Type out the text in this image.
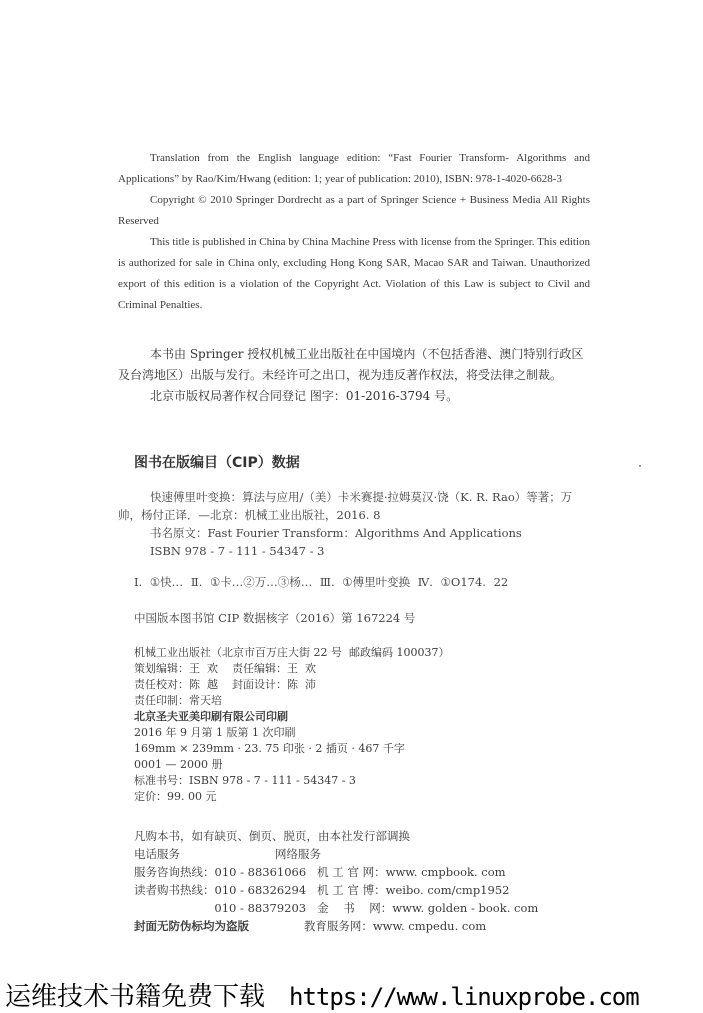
Translation from the English language edition: “Fast Fourier Transform- Algorithms and Applications” by Rao/Kim/Hwang (edition: 1; year of publication: 2010), ISBN: 978-1-4020-6628-3

Copyright © 2010 Springer Dordrecht as a part of Springer Science + Business Media All Rights Reserved

This title is published in China by China Machine Press with license from the Springer. This edition is authorized for sale in China only, excluding Hong Kong SAR, Macao SAR and Taiwan. Unauthorized export of this edition is a violation of the Copyright Act. Violation of this Law is subject to Civil and Criminal Penalties.

本书由 Springer 授权机械工业出版社在中国境内（不包括香港、澳门特别行政区及台湾地区）出版与发行。未经许可之出口，视为违反著作权法，将受法律之制裁。

北京市版权局著作权合同登记 图字：01-2016-3794 号。

图书在版编目（CIP）数据

快速傅里叶变换：算法与应用/（美）卡米赛提·拉姆莫汉·饶（K. R. Rao）等著；万帅，杨付正译．—北京：机械工业出版社，2016. 8

书名原文：Fast Fourier Transform：Algorithms And Applications

ISBN 978 - 7 - 111 - 54347 - 3

Ⅰ. ①快… Ⅱ. ①卡…②万…③杨… Ⅲ. ①傅里叶变换 Ⅳ. ①O174. 22
中国版本图书馆 CIP 数据核字（2016）第 167224 号

机械工业出版社（北京市百万庄大街 22 号  邮政编码 100037）

策划编辑：王  欢    责任编辑：王  欢

责任校对：陈  越    封面设计：陈  沛

责任印制：常天培

北京圣夫亚美印刷有限公司印刷

2016 年 9 月第 1 版第 1 次印刷

169mm × 239mm · 23. 75 印张 · 2 插页 · 467 千字

0001 — 2000 册

标准书号：ISBN 978 - 7 - 111 - 54347 - 3

定价：99. 00 元

凡购本书，如有缺页、倒页、脱页，由本社发行部调换

电话服务                          网络服务

服务咨询热线：010 - 88361066   机 工 官 网：www. cmpbook. com

读者购书热线：010 - 68326294   机 工 官 博：weibo. com/cmp1952

010 - 88379203   金    书    网：www. golden - book. com

封面无防伪标均为盗版               教育服务网：www. cmpedu. com

运维技术书籍免费下载 https://www.linuxprobe.com
